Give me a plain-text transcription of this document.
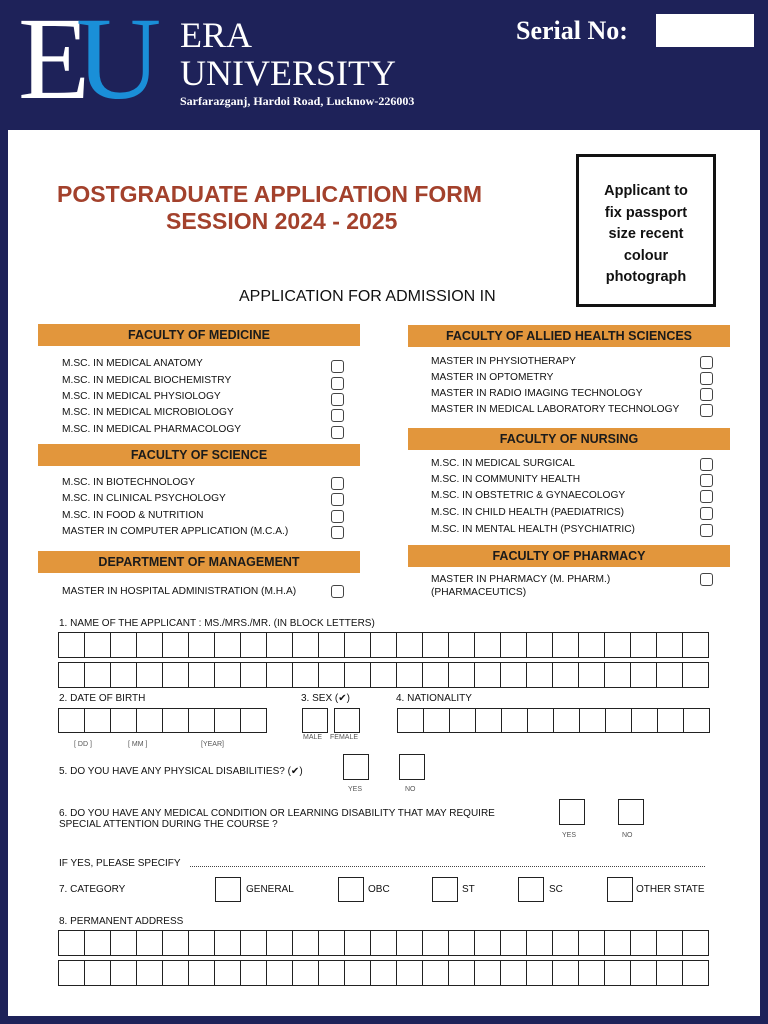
E U ERA
UNIVERSITY
Sarfarazganj, Hardoi Road, Lucknow-226003
Serial No:
POSTGRADUATE APPLICATION FORM
SESSION 2024 - 2025
Applicant to
fix passport
size recent
colour
photograph
APPLICATION FOR ADMISSION IN
FACULTY OF MEDICINE
M.SC. IN MEDICAL ANATOMY
M.SC. IN MEDICAL BIOCHEMISTRY
M.SC. IN MEDICAL PHYSIOLOGY
M.SC. IN MEDICAL MICROBIOLOGY
M.SC. IN MEDICAL PHARMACOLOGY
FACULTY OF SCIENCE
M.SC. IN BIOTECHNOLOGY
M.SC. IN CLINICAL PSYCHOLOGY
M.SC. IN FOOD & NUTRITION
MASTER IN COMPUTER APPLICATION (M.C.A.)
DEPARTMENT OF MANAGEMENT
MASTER IN HOSPITAL ADMINISTRATION (M.H.A)
FACULTY OF ALLIED HEALTH SCIENCES
MASTER IN PHYSIOTHERAPY
MASTER IN OPTOMETRY
MASTER IN RADIO IMAGING TECHNOLOGY
MASTER IN MEDICAL LABORATORY TECHNOLOGY
FACULTY OF NURSING
M.SC. IN MEDICAL SURGICAL
M.SC. IN COMMUNITY HEALTH
M.SC. IN OBSTETRIC & GYNAECOLOGY
M.SC. IN CHILD HEALTH (PAEDIATRICS)
M.SC. IN MENTAL HEALTH (PSYCHIATRIC)
FACULTY OF PHARMACY
MASTER IN PHARMACY (M. PHARM.)
(PHARMACEUTICS)
1. NAME OF THE APPLICANT : MS./MRS./MR. (IN BLOCK LETTERS)
2. DATE OF BIRTH
[ DD ]	[ MM ]	[YEAR]
3. SEX (✔)
MALE FEMALE
4. NATIONALITY
5. DO YOU HAVE ANY PHYSICAL DISABILITIES? (✔)
YES	NO
6. DO YOU HAVE ANY MEDICAL CONDITION OR LEARNING DISABILITY THAT MAY REQUIRE
SPECIAL ATTENTION DURING THE COURSE ?
YES	NO
IF YES, PLEASE SPECIFY
7. CATEGORY	GENERAL	OBC	ST	SC	OTHER STATE
8. PERMANENT ADDRESS
